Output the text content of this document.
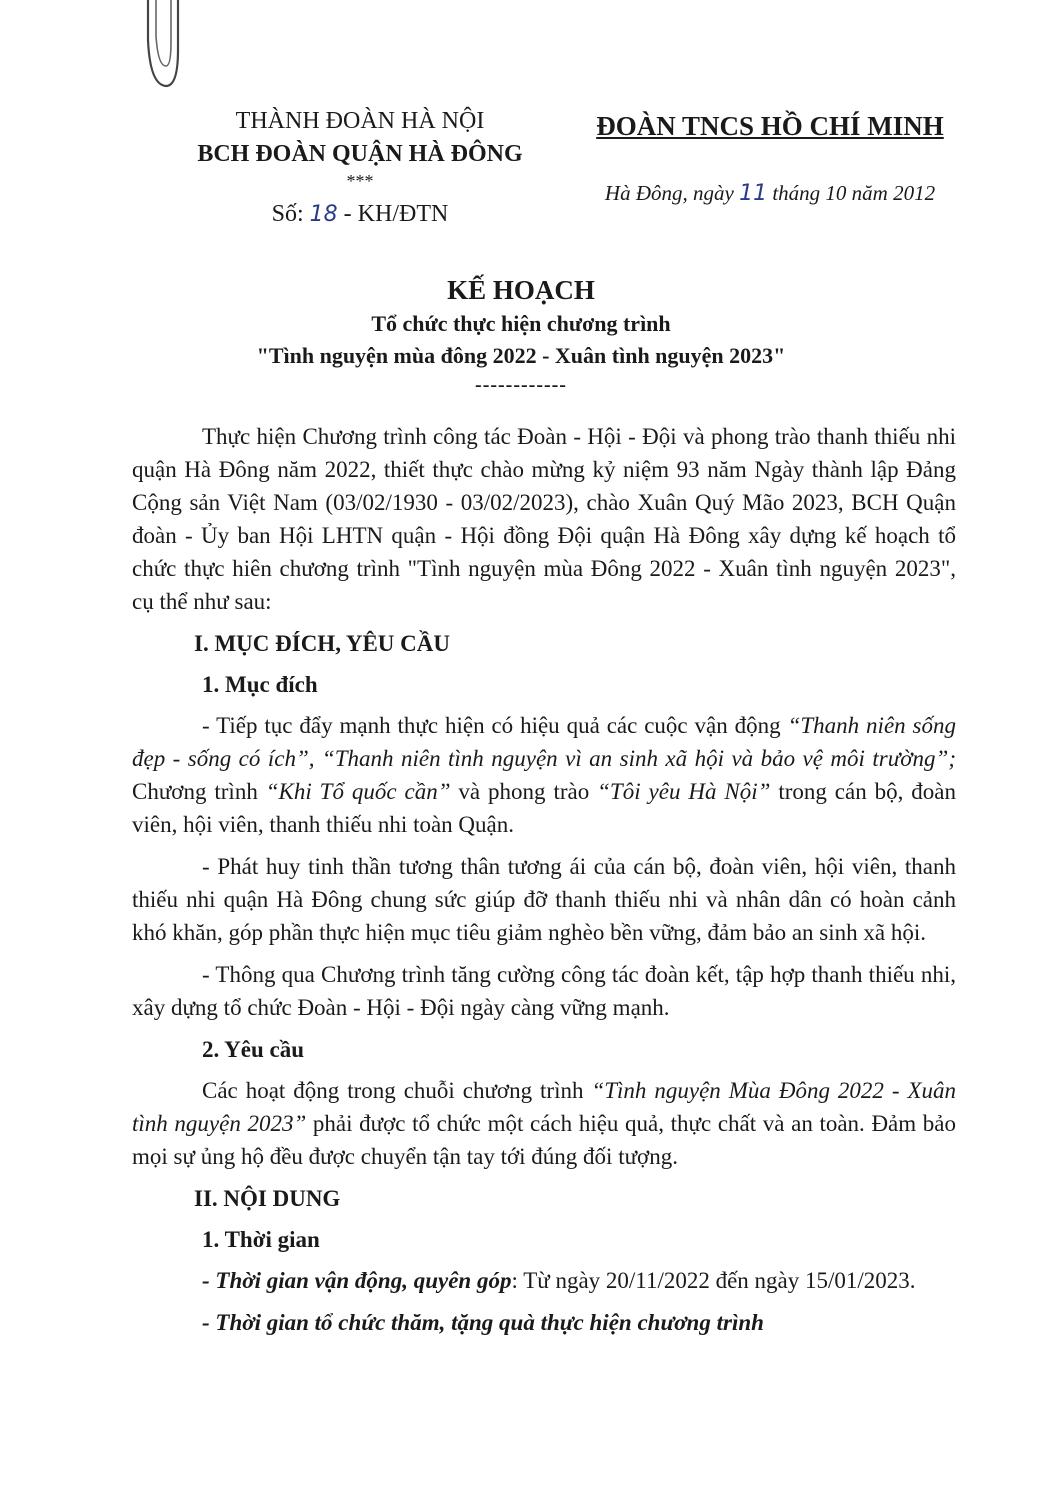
THÀNH ĐOÀN HÀ NỘI
BCH ĐOÀN QUẬN HÀ ĐÔNG
***
Số: 18 - KH/ĐTN
ĐOÀN TNCS HỒ CHÍ MINH
Hà Đông, ngày 11 tháng 10 năm 2012
KẾ HOẠCH
Tổ chức thực hiện chương trình
"Tình nguyện mùa đông 2022 - Xuân tình nguyện 2023"
------------

Thực hiện Chương trình công tác Đoàn - Hội - Đội và phong trào thanh thiếu nhi quận Hà Đông năm 2022, thiết thực chào mừng kỷ niệm 93 năm Ngày thành lập Đảng Cộng sản Việt Nam (03/02/1930 - 03/02/2023), chào Xuân Quý Mão 2023, BCH Quận đoàn - Ủy ban Hội LHTN quận - Hội đồng Đội quận Hà Đông xây dựng kế hoạch tổ chức thực hiên chương trình "Tình nguyện mùa Đông 2022 - Xuân tình nguyện 2023", cụ thể như sau:

I. MỤC ĐÍCH, YÊU CẦU
1. Mục đích

- Tiếp tục đẩy mạnh thực hiện có hiệu quả các cuộc vận động “Thanh niên sống đẹp - sống có ích”, “Thanh niên tình nguyện vì an sinh xã hội và bảo vệ môi trường”; Chương trình “Khi Tổ quốc cần” và phong trào “Tôi yêu Hà Nội” trong cán bộ, đoàn viên, hội viên, thanh thiếu nhi toàn Quận.

- Phát huy tinh thần tương thân tương ái của cán bộ, đoàn viên, hội viên, thanh thiếu nhi quận Hà Đông chung sức giúp đỡ thanh thiếu nhi và nhân dân có hoàn cảnh khó khăn, góp phần thực hiện mục tiêu giảm nghèo bền vững, đảm bảo an sinh xã hội.

- Thông qua Chương trình tăng cường công tác đoàn kết, tập hợp thanh thiếu nhi, xây dựng tổ chức Đoàn - Hội - Đội ngày càng vững mạnh.

2. Yêu cầu

Các hoạt động trong chuỗi chương trình “Tình nguyện Mùa Đông 2022 - Xuân tình nguyện 2023” phải được tổ chức một cách hiệu quả, thực chất và an toàn. Đảm bảo mọi sự ủng hộ đều được chuyển tận tay tới đúng đối tượng.

II. NỘI DUNG
1. Thời gian

- Thời gian vận động, quyên góp: Từ ngày 20/11/2022 đến ngày 15/01/2023.

- Thời gian tổ chức thăm, tặng quà thực hiện chương trình
